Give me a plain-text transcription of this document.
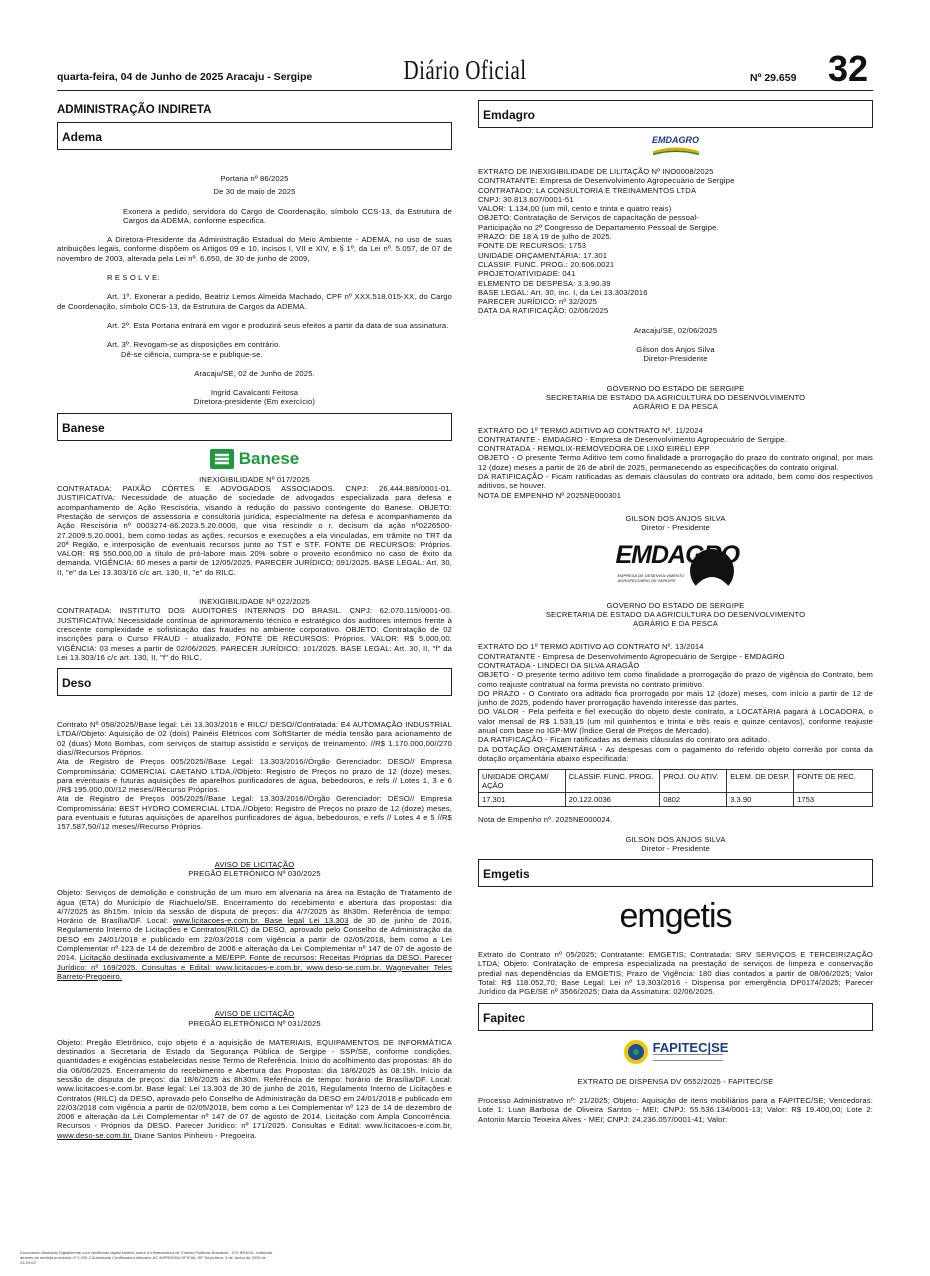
quarta-feira, 04 de Junho de 2025 Aracaju - Sergipe	Diário Oficial	Nº 29.659 32
ADMINISTRAÇÃO INDIRETA
Adema
Portaria nº 86/2025
De 30 de maio de 2025
Exonera a pedido, servidora do Cargo de Coordenação, símbolo CCS-13, da Estrutura de Cargos da ADEMA, conforme especifica.
A Diretora-Presidente da Administração Estadual do Meio Ambiente - ADEMA, no uso de suas atribuições legais, conforme dispõem os Artigos 09 e 10, incisos I, VII e XIV, e § 1º, da Lei nº. 5.057, de 07 de novembro de 2003, alterada pela Lei nº. 6.650, de 30 de junho de 2009,
R E S O L V E:
Art. 1º. Exonerar a pedido, Beatriz Lemos Almeida Machado, CPF nº XXX.518.015-XX, do Cargo de Coordenação, símbolo CCS-13, da Estrutura de Cargos da ADEMA.
Art. 2º. Esta Portaria entrará em vigor e produzirá seus efeitos a partir da data de sua assinatura.
Art. 3º. Revogam-se as disposições em contrário.
Dê-se ciência, cumpra-se e publique-se.
Aracaju/SE, 02 de Junho de 2025.
Ingrid Cavalcanti Feitosa
Diretora-presidente (Em exercício)
Banese
Banese
INEXIGIBILIDADE Nº 017/2025
CONTRATADA: PAIXÃO CÔRTES E ADVOGADOS ASSOCIADOS. CNPJ: 26.444.885/0001-01. JUSTIFICATIVA: Necessidade de atuação de sociedade de advogados especializada para defesa e acompanhamento de Ação Rescisória, visando à redução do passivo contingente do Banese. OBJETO: Prestação de serviços de assessoria e consultoria jurídica, especialmente na defesa e acompanhamento da Ação Rescisória nº 0003274-86.2023.5.20.0000, que visa rescindir o r. decisum da ação nº0226500-27.2009.5.20.0001, bem como todas as ações, recursos e execuções a ela vinculadas, em trâmite no TRT da 20ª Região, e interposição de eventuais recursos junto ao TST e STF. FONTE DE RECURSOS: Próprios. VALOR: R$ 550.000,00 a título de pró-labore mais 20% sobre o proveito econômico no caso de êxito da demanda. VIGÊNCIA: 60 meses a partir de 12/05/2025. PARECER JURÍDICO: 091/2025. BASE LEGAL: Art. 30, II, "e" da Lei 13.303/16 c/c art. 130, II, "e" do RILC.
INEXIGIBILIDADE Nº 022/2025
CONTRATADA: INSTITUTO DOS AUDITORES INTERNOS DO BRASIL. CNPJ: 62.070.115/0001-00. JUSTIFICATIVA: Necessidade contínua de aprimoramento técnico e estratégico dos auditores internos frente à crescente complexidade e sofisticação das fraudes no ambiente corporativo. OBJETO: Contratação de 02 inscrições para o Curso FRAUD - atualizado. FONTE DE RECURSOS: Próprios. VALOR: R$ 5.000,00. VIGÊNCIA: 03 meses a partir de 02/06/2025. PARECER JURÍDICO: 101/2025. BASE LEGAL: Art. 30, II, "f" da Lei 13.303/16 c/c art. 130, II, "f" do RILC.
Deso
Contrato Nº 058/2025//Base legal: Lei 13.303/2016 e RILC/ DESO//Contratada: E4 AUTOMAÇÃO INDUSTRIAL LTDA//Objeto: Aquisição de 02 (dois) Painéis Elétricos com SoftStarter de média tensão para acionamento de 02 (duas) Moto Bombas, com serviços de startup assistido e serviços de treinamento. //R$ 1.170.000,00//270 dias//Recursos Próprios.
Ata de Registro de Preços 005/2025//Base Legal: 13.303/2016//Órgão Gerenciador: DESO// Empresa Compromissária: COMERCIAL CAETANO LTDA.//Objeto: Registro de Preços no prazo de 12 (doze) meses, para eventuais e futuras aquisições de aparelhos purificadores de água, bebedouros, e refs // Lotes 1, 3 e 6 //R$ 195.000,00//12 meses//Recurso Próprios.
Ata de Registro de Preços 005/2025//Base Legal: 13.303/2016//Órgão Gerenciador: DESO// Empresa Compromissária: BEST HYDRO COMERCIAL LTDA.//Objeto: Registro de Preços no prazo de 12 (doze) meses, para eventuais e futuras aquisições de aparelhos purificadores de água, bebedouros, e refs // Lotes 4 e 5 //R$ 157.587,50//12 meses//Recurso Próprios.
AVISO DE LICITAÇÃO
PREGÃO ELETRÔNICO Nº 030/2025
Objeto: Serviços de demolição e construção de um muro em alvenaria na área na Estação de Tratamento de água (ETA) do Município de Riachuelo/SE. Encerramento do recebimento e abertura das propostas: dia 4/7/2025 às 8h15m. Início da sessão de disputa de preços: dia 4/7/2025 às 8h30m. Referência de tempo: Horário de Brasília/DF. Local: www.licitacoes-e.com.br. Base legal Lei 13.303 de 30 de junho de 2016, Regulamento Interno de Licitações e Contratos(RILC) da DESO, aprovado pelo Conselho de Administração da DESO em 24/01/2018 e publicado em 22/03/2018 com vigência a partir de 02/05/2018, bem como a Lei Complementar nº 123 de 14 de dezembro de 2006 e alteração da Lei Complementar nº 147 de 07 de agosto de 2014. Licitação destinada exclusivamente a ME/EPP. Fonte de recursos: Receitas Próprias da DESO. Parecer Jurídico: nº 169/2025. Consultas e Edital: www.licitacoes-e.com.br, www.deso-se.com.br. Wagnevalter Teles Barreto-Pregoeiro.
AVISO DE LICITAÇÃO
PREGÃO ELETRÔNICO Nº 031/2025
Objeto: Pregão Eletrônico, cujo objeto é a aquisição de MATERIAIS, EQUIPAMENTOS DE INFORMÁTICA destinados a Secretaria de Estado da Segurança Pública de Sergipe - SSP/SE, conforme condições, quantidades e exigências estabelecidas nesse Termo de Referência. Início do acolhimento das propostas: 8h do dia 06/06/2025. Encerramento do recebimento e Abertura das Propostas: dia 18/6/2025 às 08:15h. Início da sessão de disputa de preços: dia 18/6/2025 às 8h30m. Referência de tempo: horário de Brasília/DF. Local: www.licitacoes-e.com.br. Base legal: Lei 13.303 de 30 de junho de 2016, Regulamento Interno de Licitações e Contratos (RILC) da DESO, aprovado pelo Conselho de Administração da DESO em 24/01/2018 e publicado em 22/03/2018 com vigência a partir de 02/05/2018, bem como a Lei Complementar nº 123 de 14 de dezembro de 2006 e alteração da Lei Complementar nº 147 de 07 de agosto de 2014. Licitação com Ampla Concorrência. Recursos - Próprios da DESO. Parecer Jurídico: nº 171/2025. Consultas e Edital: www.licitacoes-e.com.br, www.deso-se.com.br. Diane Santos Pinheiro - Pregoeira.
Emdagro
EMDAGRO
EXTRATO DE INEXIGIBILIDADE DE LILITAÇÃO Nº INO0008/2025
CONTRATANTE: Empresa de Desenvolvimento Agropecuário de Sergipe
CONTRATADO: LA CONSULTORIA E TREINAMENTOS LTDA
CNPJ: 30.813.607/0001-51
VALOR: 1.134,00 (um mil, cento e trinta e quatro reais)
OBJETO: Contratação de Serviços de capacitação de pessoal-
Participação no 2º Congresso de Departamento Pessoal de Sergipe.
PRAZO: DE 18 A 19 de julho de 2025.
FONTE DE RECURSOS: 1753
UNIDADE ORÇAMENTÁRIA: 17.301
CLASSIF. FUNC. PROG.: 20.606.0021
PROJETO/ATIVIDADE: 041
ELEMENTO DE DESPESA: 3.3.90.39
BASE LEGAL: Art. 30, inc. I, da Lei 13.303/2016
PARECER JURÍDICO: nº 32/2025
DATA DA RATIFICAÇÃO: 02/06/2025
Aracaju/SE, 02/06/2025
Gilson dos Anjos Silva
Diretor-Presidente
GOVERNO DO ESTADO DE SERGIPE
SECRETARIA DE ESTADO DA AGRICULTURA DO DESENVOLVIMENTO
AGRÁRIO E DA PESCA
EXTRATO DO 1º TERMO ADITIVO AO CONTRATO Nº. 11/2024
CONTRATANTE - EMDAGRO - Empresa de Desenvolvimento Agropecuário de Sergipe.
CONTRATADA - REMOLIX-REMOVEDORA DE LIXO EIRELI EPP
OBJETO - O presente Termo Aditivo tem como finalidade a prorrogação do prazo do contrato original, por mais 12 (doze) meses a partir de 26 de abril de 2025, permanecendo as especificações do contrato original.
DA RATIFICAÇÃO - Ficam ratificadas as demais cláusulas do contrato ora aditado, bem como dos respectivos aditivos, se houver.
NOTA DE EMPENHO Nº 2025NE000301
GILSON DOS ANJOS SILVA
Diretor - Presidente
EMDAGRO
EMPRESA DE DESENVOLVIMENTO AGROPECUÁRIO DE SERGIPE
GOVERNO DO ESTADO DE SERGIPE
SECRETARIA DE ESTADO DA AGRICULTURA DO DESENVOLVIMENTO
AGRÁRIO E DA PESCA
EXTRATO DO 1º TERMO ADITIVO AO CONTRATO Nº. 13/2014
CONTRATANTE - Empresa de Desenvolvimento Agropecuário de Sergipe - EMDAGRO
CONTRATADA - LINDECI DA SILVA ARAGÃO
OBJETO - O presente termo aditivo tem como finalidade a prorrogação do prazo de vigência do Contrato, bem como reajuste contratual na forma prevista no contrato primitivo.
DO PRAZO - O Contrato ora aditado fica prorrogado por mais 12 (doze) meses, com início a partir de 12 de junho de 2025, podendo haver prorrogação havendo interesse das partes.
DO VALOR - Pela perfeita e fiel execução do objeto deste contrato, a LOCATÁRIA pagará à LOCADORA, o valor mensal de R$ 1.533,15 (um mil quinhentos e trinta e três reais e quinze centavos), conforme reajuste anual com base no IGP-MW (Índice Geral de Preços de Mercado).
DA RATIFICAÇÃO - Ficam ratificadas as demais cláusulas do contrato ora aditado.
DA DOTAÇÃO ORÇAMENTÁRIA - As despesas com o pagamento do referido objeto correrão por conta da dotação orçamentária abaixo especificada:
UNIDADE ORÇAM/ AÇÃO	CLASSIF. FUNC. PROG.	PROJ. OU ATIV.	ELEM. DE DESP.	FONTE DE REC.
17.301	20.122.0036	0802	3.3.90	1753
Nota de Empenho nº. 2025NE000024.
GILSON DOS ANJOS SILVA
Diretor - Presidente
Emgetis
emgetis
Extrato do Contrato nº 05/2025; Contratante: EMGETIS; Contratada: SRV SERVIÇOS E TERCEIRIZAÇÃO LTDA; Objeto: Contratação de empresa especializada na prestação de serviços de limpeza e conservação predial nas dependências da EMGETIS; Prazo de Vigência: 180 dias contados a partir de 08/06/2025; Valor Total: R$ 118.052,70; Base Legal: Lei nº 13.303/2016 - Dispensa por emergência DP0174/2025; Parecer Jurídico da PGE/SE nº 3566/2025; Data da Assinatura: 02/06/2025.
Fapitec
FAPITEC|SE
EXTRATO DE DISPENSA DV 0552/2025 - FAPITEC/SE
Processo Administrativo nº: 21/2025; Objeto: Aquisição de itens mobiliários para a FAPITEC/SE; Vencedoras: Lote 1: Luan Barbosa de Oliveira Santos - MEI; CNPJ: 55.536.134/0001-13; Valor: R$ 19.400,00; Lote 2: Antonio Marcio Teixeira Alves - MEI; CNPJ: 24.236.057/0001-41; Valor:
Documento Assinado Digitalmente com certificado digital emitido sobre a Infraestrutura de Chaves Públicas Brasileira - ICP-BRASIL, instituída através da medida provisória nº 2.200-2 Autoridade Certificadora ofiscaes: AC IMPRENSA OFICIAL SP Terça-feira, 3 de Junho de 2025 às 23:19:03
